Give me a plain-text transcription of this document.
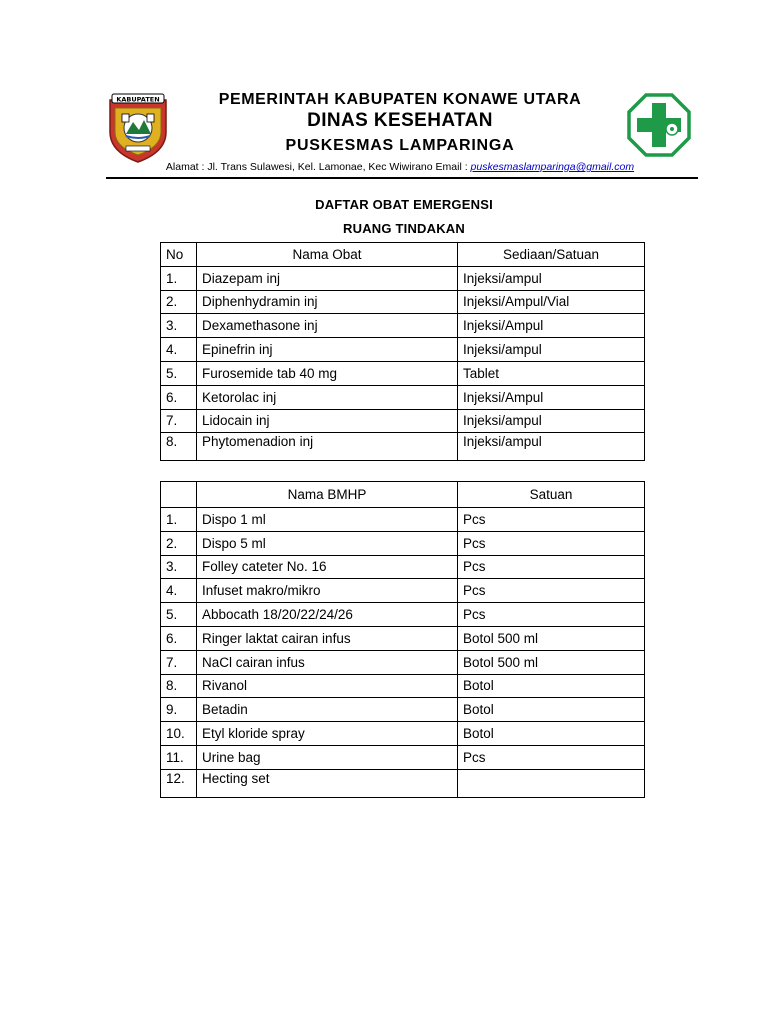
KABUPATEN	PEMERINTAH KABUPATEN KONAWE UTARA
DINAS KESEHATAN
PUSKESMAS LAMPARINGA
Alamat : Jl. Trans Sulawesi, Kel. Lamonae, Kec Wiwirano Email : puskesmaslamparinga@gmail.com
DAFTAR OBAT EMERGENSI
RUANG TINDAKAN
No	Nama Obat	Sediaan/Satuan
1.	Diazepam inj	Injeksi/ampul
2.	Diphenhydramin inj	Injeksi/Ampul/Vial
3.	Dexamethasone inj	Injeksi/Ampul
4.	Epinefrin inj	Injeksi/ampul
5.	Furosemide tab 40 mg	Tablet
6.	Ketorolac inj	Injeksi/Ampul
7.	Lidocain inj	Injeksi/ampul
8.	Phytomenadion inj	Injeksi/ampul
	Nama BMHP	Satuan
1.	Dispo 1 ml	Pcs
2.	Dispo 5 ml	Pcs
3.	Folley cateter No. 16	Pcs
4.	Infuset makro/mikro	Pcs
5.	Abbocath 18/20/22/24/26	Pcs
6.	Ringer laktat cairan infus	Botol 500 ml
7.	NaCl cairan infus	Botol 500 ml
8.	Rivanol	Botol
9.	Betadin	Botol
10.	Etyl kloride spray	Botol
11.	Urine bag	Pcs
12.	Hecting set	
